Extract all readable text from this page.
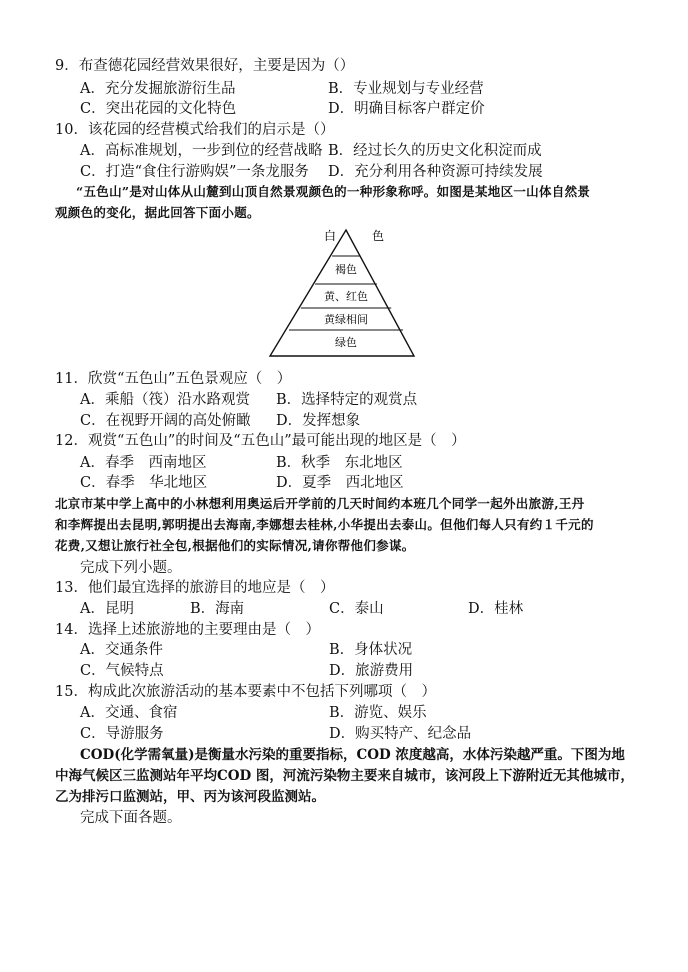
9．布查德花园经营效果很好，主要是因为（）
A．充分发掘旅游衍生品	B．专业规划与专业经营
C．突出花园的文化特色	D．明确目标客户群定价
10．该花园的经营模式给我们的启示是（）
A．高标准规划，一步到位的经营战略 B．经过长久的历史文化积淀而成
C．打造“食住行游购娱”一条龙服务 D．充分利用各种资源可持续发展
“五色山”是对山体从山麓到山顶自然景观颜色的一种形象称呼。如图是某地区一山体自然景
观颜色的变化，据此回答下面小题。
白	色
褐色
黄、红色
黄绿相间
绿色
11．欣赏“五色山”五色景观应（　）
A．乘船（筏）沿水路观赏 B．选择特定的观赏点
C．在视野开阔的高处俯瞰 D．发挥想象
12．观赏“五色山”的时间及“五色山”最可能出现的地区是（　）
A．春季　西南地区	B．秋季　东北地区
C．春季　华北地区	D．夏季　西北地区
北京市某中学上高中的小林想利用奥运后开学前的几天时间约本班几个同学一起外出旅游,王丹
和李辉提出去昆明,郭明提出去海南,李娜想去桂林,小华提出去泰山。但他们每人只有约１千元的
花费,又想让旅行社全包,根据他们的实际情况,请你帮他们参谋。
完成下列小题。
13．他们最宜选择的旅游目的地应是（　）
A．昆明	B．海南	C．泰山	D．桂林
14．选择上述旅游地的主要理由是（　）
A．交通条件	B．身体状况
C．气候特点	D．旅游费用
15．构成此次旅游活动的基本要素中不包括下列哪项（　）
A．交通、食宿	B．游览、娱乐
C．导游服务	D．购买特产、纪念品
COD(化学需氧量)是衡量水污染的重要指标，COD 浓度越高，水体污染越严重。下图为地
中海气候区三监测站年平均COD 图，河流污染物主要来自城市，该河段上下游附近无其他城市，
乙为排污口监测站，甲、丙为该河段监测站。
完成下面各题。
